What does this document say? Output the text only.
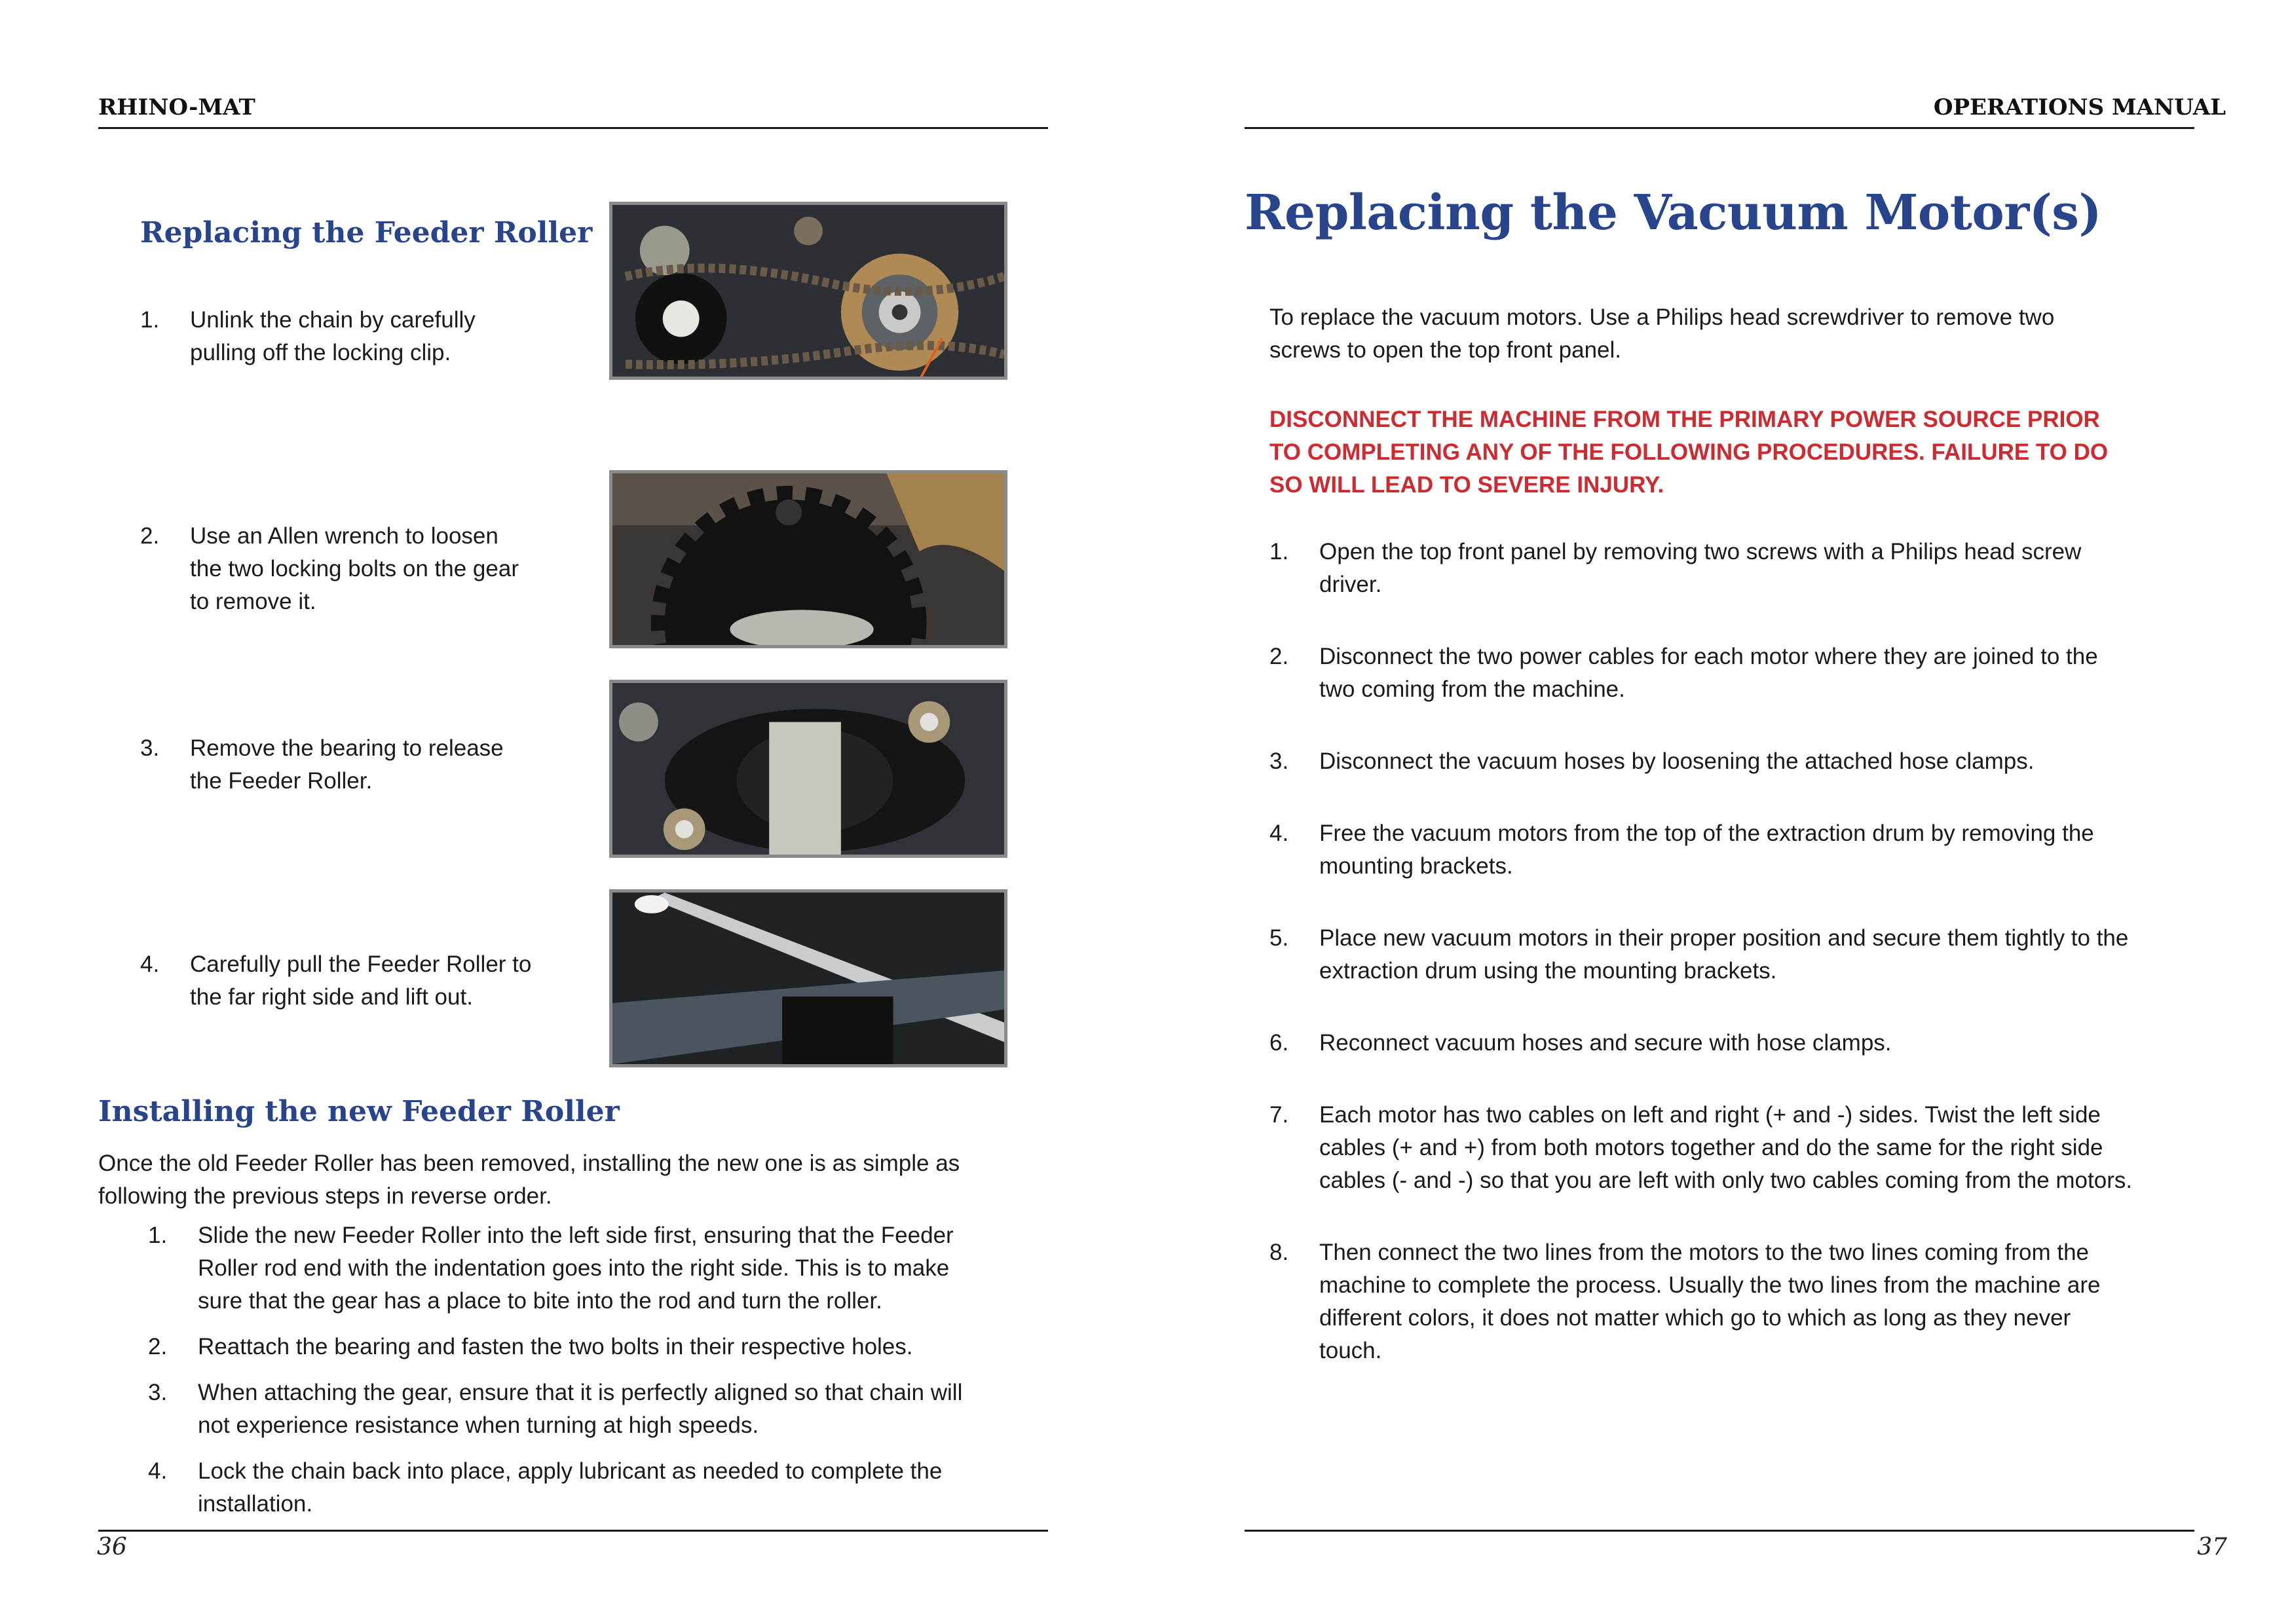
RHINO-MAT
Replacing the Feeder Roller
1. Unlink the chain by carefully
pulling off the locking clip.
2. Use an Allen wrench to loosen
the two locking bolts on the gear
to remove it.
3. Remove the bearing to release
the Feeder Roller.
4. Carefully pull the Feeder Roller to
the far right side and lift out.
Installing the new Feeder Roller
Once the old Feeder Roller has been removed, installing the new one is as simple as
following the previous steps in reverse order.
1. Slide the new Feeder Roller into the left side first, ensuring that the Feeder
Roller rod end with the indentation goes into the right side. This is to make
sure that the gear has a place to bite into the rod and turn the roller.
2. Reattach the bearing and fasten the two bolts in their respective holes.
3. When attaching the gear, ensure that it is perfectly aligned so that chain will
not experience resistance when turning at high speeds.
4. Lock the chain back into place, apply lubricant as needed to complete the
installation.
36
OPERATIONS MANUAL
Replacing the Vacuum Motor(s)
To replace the vacuum motors. Use a Philips head screwdriver to remove two
screws to open the top front panel.
DISCONNECT THE MACHINE FROM THE PRIMARY POWER SOURCE PRIOR
TO COMPLETING ANY OF THE FOLLOWING PROCEDURES. FAILURE TO DO
SO WILL LEAD TO SEVERE INJURY.
1. Open the top front panel by removing two screws with a Philips head screw
driver.
2. Disconnect the two power cables for each motor where they are joined to the
two coming from the machine.
3. Disconnect the vacuum hoses by loosening the attached hose clamps.
4. Free the vacuum motors from the top of the extraction drum by removing the
mounting brackets.
5. Place new vacuum motors in their proper position and secure them tightly to the
extraction drum using the mounting brackets.
6. Reconnect vacuum hoses and secure with hose clamps.
7. Each motor has two cables on left and right (+ and -) sides. Twist the left side
cables (+ and +) from both motors together and do the same for the right side
cables (- and -) so that you are left with only two cables coming from the motors.
8. Then connect the two lines from the motors to the two lines coming from the
machine to complete the process. Usually the two lines from the machine are
different colors, it does not matter which go to which as long as they never
touch.
37
